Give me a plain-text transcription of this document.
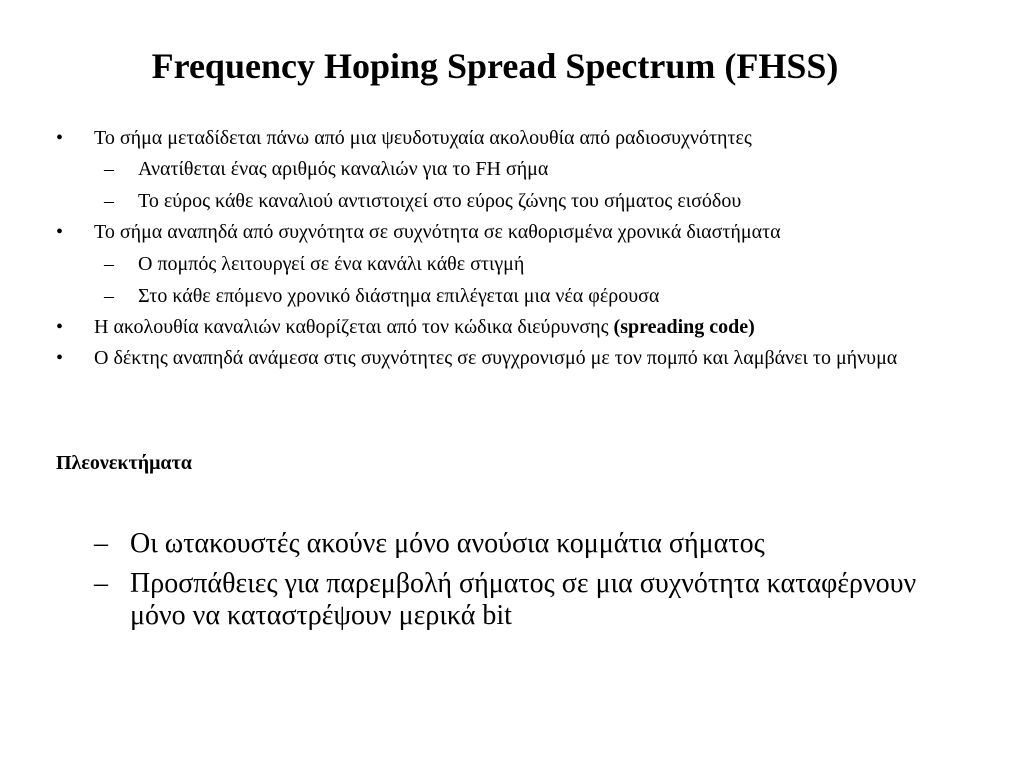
Frequency Hoping Spread Spectrum (FHSS)
• Το σήμα μεταδίδεται πάνω από μια ψευδοτυχαία ακολουθία από ραδιοσυχνότητες
– Ανατίθεται ένας αριθμός καναλιών για το FH σήμα
– Το εύρος κάθε καναλιού αντιστοιχεί στο εύρος ζώνης του σήματος εισόδου
• Το σήμα αναπηδά από συχνότητα σε συχνότητα σε καθορισμένα χρονικά διαστήματα
– Ο πομπός λειτουργεί σε ένα κανάλι κάθε στιγμή
– Στο κάθε επόμενο χρονικό διάστημα επιλέγεται μια νέα φέρουσα
• Η ακολουθία καναλιών καθορίζεται από τον κώδικα διεύρυνσης (spreading code)
• Ο δέκτης αναπηδά ανάμεσα στις συχνότητες σε συγχρονισμό με τον πομπό και λαμβάνει το μήνυμα

Πλεονεκτήματα

– Οι ωτακουστές ακούνε μόνο ανούσια κομμάτια σήματος
– Προσπάθειες για παρεμβολή σήματος σε μια συχνότητα καταφέρνουν μόνο να καταστρέψουν μερικά bit
